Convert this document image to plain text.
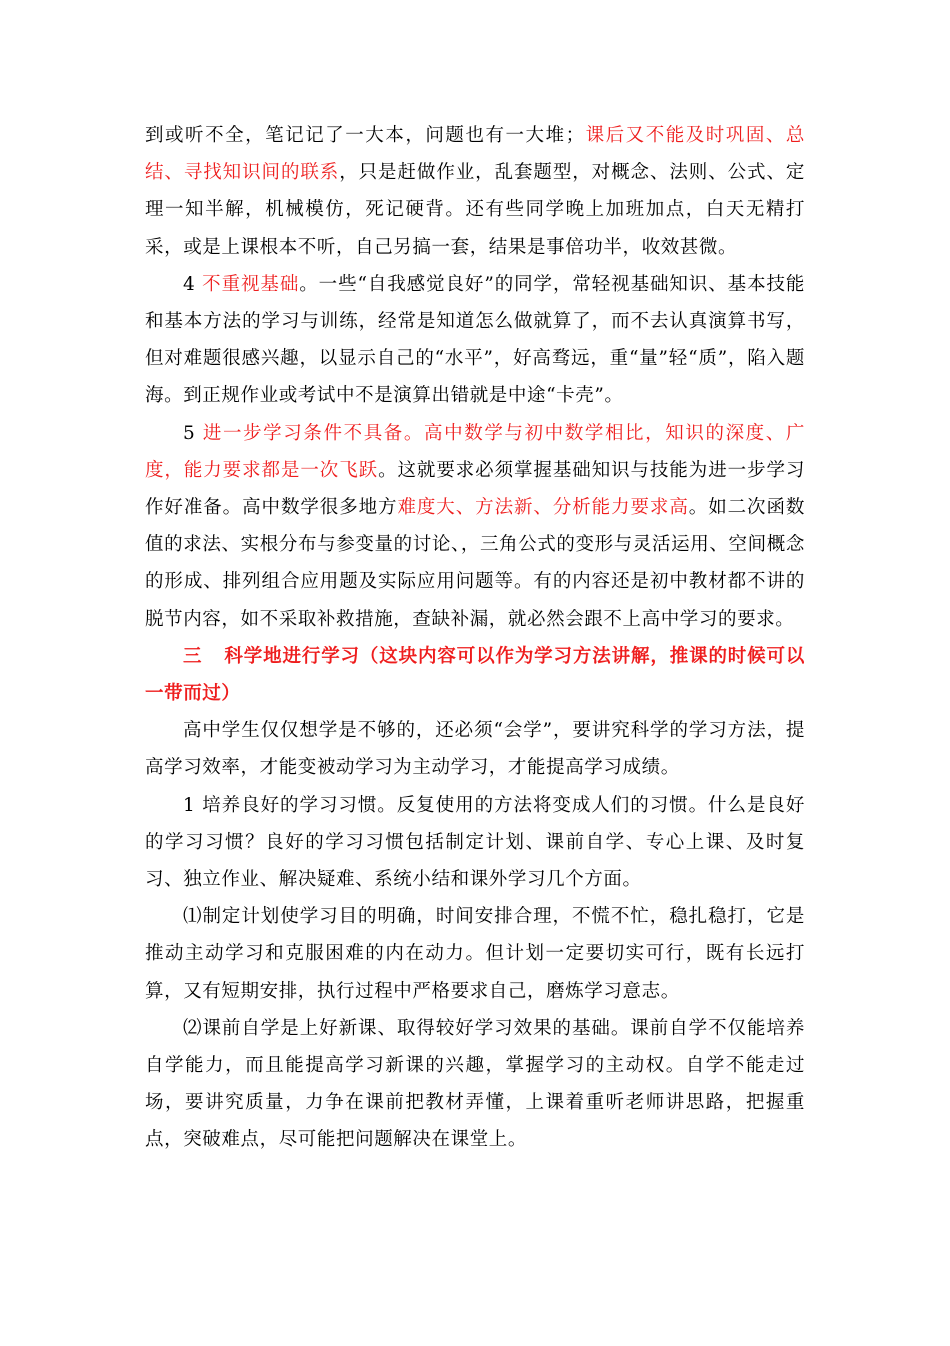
到或听不全，笔记记了一大本，问题也有一大堆；课后又不能及时巩固、总结、寻找知识间的联系，只是赶做作业，乱套题型，对概念、法则、公式、定理一知半解，机械模仿，死记硬背。还有些同学晚上加班加点，白天无精打采，或是上课根本不听，自己另搞一套，结果是事倍功半，收效甚微。

4 不重视基础。一些“自我感觉良好”的同学，常轻视基础知识、基本技能和基本方法的学习与训练，经常是知道怎么做就算了，而不去认真演算书写，但对难题很感兴趣，以显示自己的“水平”，好高骛远，重“量”轻“质”，陷入题海。到正规作业或考试中不是演算出错就是中途“卡壳”。

5 进一步学习条件不具备。高中数学与初中数学相比，知识的深度、广度，能力要求都是一次飞跃。这就要求必须掌握基础知识与技能为进一步学习作好准备。高中数学很多地方难度大、方法新、分析能力要求高。如二次函数值的求法、实根分布与参变量的讨论、，三角公式的变形与灵活运用、空间概念的形成、排列组合应用题及实际应用问题等。有的内容还是初中教材都不讲的脱节内容，如不采取补救措施，查缺补漏，就必然会跟不上高中学习的要求。

三 科学地进行学习（这块内容可以作为学习方法讲解，推课的时候可以一带而过）

高中学生仅仅想学是不够的，还必须“会学”，要讲究科学的学习方法，提高学习效率，才能变被动学习为主动学习，才能提高学习成绩。

1 培养良好的学习习惯。反复使用的方法将变成人们的习惯。什么是良好的学习习惯？良好的学习习惯包括制定计划、课前自学、专心上课、及时复习、独立作业、解决疑难、系统小结和课外学习几个方面。

⑴制定计划使学习目的明确，时间安排合理，不慌不忙，稳扎稳打，它是推动主动学习和克服困难的内在动力。但计划一定要切实可行，既有长远打算，又有短期安排，执行过程中严格要求自己，磨炼学习意志。

⑵课前自学是上好新课、取得较好学习效果的基础。课前自学不仅能培养自学能力，而且能提高学习新课的兴趣，掌握学习的主动权。自学不能走过场，要讲究质量，力争在课前把教材弄懂，上课着重听老师讲思路，把握重点，突破难点，尽可能把问题解决在课堂上。
